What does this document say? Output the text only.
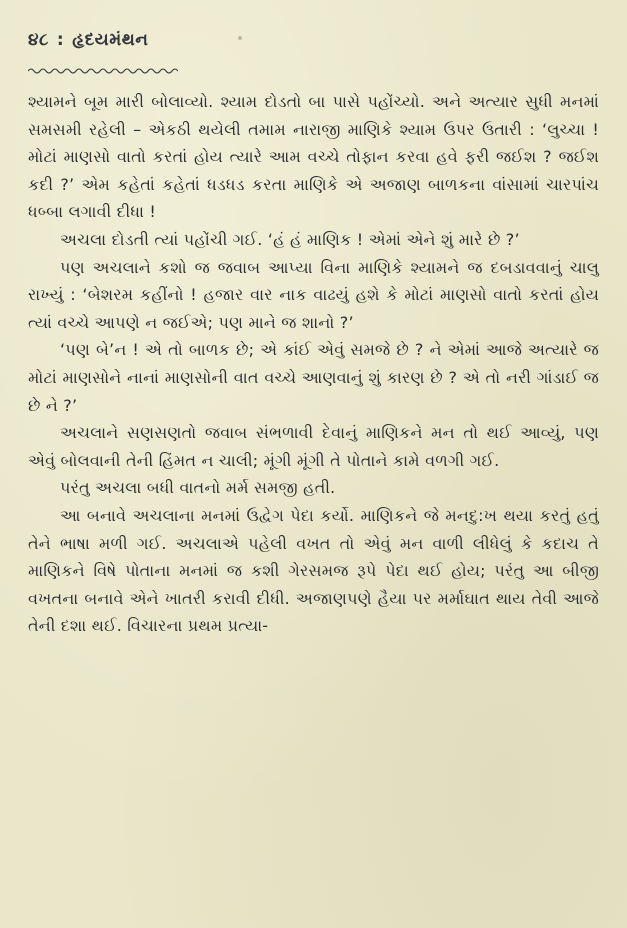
૪૮ : હૃદયમંથન

શ્યામને બૂમ મારી બોલાવ્યો. શ્યામ દોડતો બા પાસે પહોંચ્યો. અને અત્યાર સુધી મનમાં સમસમી રહેલી – એકઠી થયેલી તમામ નારાજી માણિકે શ્યામ ઉપર ઉતારી : ‘લુચ્ચા ! મોટાં માણસો વાતો કરતાં હોય ત્યારે આમ વચ્ચે તોફાન કરવા હવે ફરી જઈશ ? જઈશ કદી ?’ એમ કહેતાં કહેતાં ધડધડ કરતા માણિકે એ અજાણ બાળકના વાંસામાં ચારપાંચ ધબ્બા લગાવી દીધા !

અચલા દોડતી ત્યાં પહોંચી ગઈ. ‘હં હં માણિક ! એમાં એને શું મારે છે ?’

પણ અચલાને કશો જ જવાબ આપ્યા વિના માણિકે શ્યામને જ દબડાવવાનું ચાલુ રાખ્યું : ‘બેશરમ કહીંનો ! હજાર વાર નાક વાઢયું હશે કે મોટાં માણસો વાતો કરતાં હોય ત્યાં વચ્ચે આપણે ન જઈએ; પણ માને જ શાનો ?’

‘પણ બે’ન ! એ તો બાળક છે; એ કાંઈ એવું સમજે છે ? ને એમાં આજે અત્યારે જ મોટાં માણસોને નાનાં માણસોની વાત વચ્ચે આણવાનું શું કારણ છે ? એ તો નરી ગાંડાઈ જ છે ને ?’

અચલાને સણસણતો જવાબ સંભળાવી દેવાનું માણિકને મન તો થઈ આવ્યું, પણ એવું બોલવાની તેની હિંમત ન ચાલી; મૂંગી મૂંગી તે પોતાને કામે વળગી ગઈ.

પરંતુ અચલા બધી વાતનો મર્મ સમજી હતી.

આ બનાવે અચલાના મનમાં ઉદ્વેગ પેદા કર્યો. માણિકને જે મનદુ:ખ થયા કરતું હતું તેને ભાષા મળી ગઈ. અચલાએ પહેલી વખત તો એવું મન વાળી લીધેલું કે કદાચ તે માણિકને વિષે પોતાના મનમાં જ કશી ગેરસમજ રૂપે પેદા થઈ હોય; પરંતુ આ બીજી વખતના બનાવે એને ખાતરી કરાવી દીધી. અજાણપણે હૈયા પર મર્માઘાત થાય તેવી આજે તેની દશા થઈ. વિચારના પ્રથમ પ્રત્યા-
